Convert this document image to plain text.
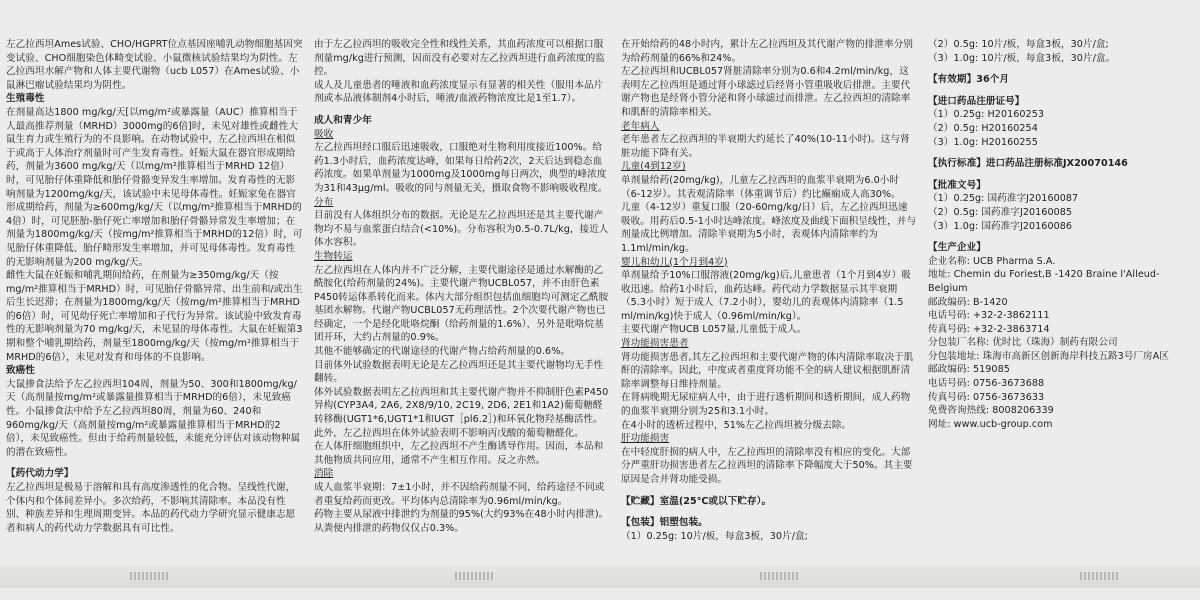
左乙拉西坦Ames试验、CHO/HGPRT位点基因座哺乳动物细胞基因突变试验、CHO细胞染色体畸变试验、小鼠微核试验结果均为阴性。左乙拉西坦水解产物和人体主要代谢物（ucb L057）在Ames试验、小鼠淋巴瘤试验结果均为阴性。
生殖毒性
在剂量高达1800 mg/kg/天[以mg/m²或暴露量（AUC）推算相当于人最高推荐剂量（MRHD）3000mg的6倍]时，未见对雄性或雌性大鼠生育力或生殖行为的不良影响。在动物试验中，左乙拉西坦在相似于或高于人体治疗剂量时可产生发育毒性。妊娠大鼠在器官形成期给药，剂量为3600 mg/kg/天（以mg/m²推算相当于MRHD 12倍）时，可见胎仔体重降低和胎仔骨骼变异发生率增加。发育毒性的无影响剂量为1200mg/kg/天，该试验中未见母体毒性。妊娠家兔在器官形成期给药，剂量为≥600mg/kg/天（以mg/m²推算相当于MRHD的4倍）时，可见胚胎-胎仔死亡率增加和胎仔骨骼异常发生率增加；在剂量为1800mg/kg/天（按mg/m²推算相当于MRHD的12倍）时，可见胎仔体重降低、胎仔畸形发生率增加，并可见母体毒性。发育毒性的无影响剂量为200 mg/kg/天。
雌性大鼠在妊娠和哺乳期间给药，在剂量为≥350mg/kg/天（按mg/m²推算相当于MRHD）时，可见胎仔骨骼异常、出生前和/或出生后生长迟滞；在剂量为1800mg/kg/天（按mg/m²推算相当于MRHD的6倍）时，可见幼仔死亡率增加和子代行为异常。该试验中致发育毒性的无影响剂量为70 mg/kg/天，未见显的母体毒性。大鼠在妊娠第3期和整个哺乳期给药，剂量至1800mg/kg/天（按mg/m²推算相当于MRHD的6倍），未见对发育和母体的不良影响。
致癌性
大鼠掺食法给予左乙拉西坦104周，剂量为50、300和1800mg/kg/天（高剂量按mg/m²或暴露量推算相当于MRHD的6倍），未见致癌性。小鼠掺食法中给予左乙拉西坦80周，剂量为60、240和960mg/kg/天（高剂量按mg/m²或暴露量推算相当于MRHD的2倍），未见致癌性。但由于给药剂量较低，未能充分评估对该动物种属的潜在致癌性。
【药代动力学】
左乙拉西坦是极易于溶解和具有高度渗透性的化合物。呈线性代谢，个体内和个体间差异小。多次给药，不影响其清除率。本品没有性别、种族差异和生理周期变异。本品的药代动力学研究显示健康志愿者和病人的药代动力学数据具有可比性。
由于左乙拉西坦的吸收完全性和线性关系，其血药浓度可以根据口服剂量mg/kg进行预测，因而没有必要对左乙拉西坦进行血药浓度的监控。
成人及儿童患者的唾液和血药浓度显示有显著的相关性（服用本品片剂或本品液体制剂4小时后，唾液/血液药物浓度比是1至1.7）。
成人和青少年
吸收
左乙拉西坦经口服后迅速吸收，口服绝对生物利用度接近100%。给药1.3小时后，血药浓度达峰，如果每日给药2次，2天后达到稳态血药浓度。如果单剂量为1000mg及1000mg每日两次，典型的峰浓度为31和43μg/ml。吸收的同与剂量无关，摄取食物不影响吸收程度。
分布
目前没有人体组织分布的数据。无论是左乙拉西坦还是其主要代谢产物均不易与血浆蛋白结合(<10%)。分布容积为0.5-0.7L/kg，接近人体水容积。
生物转运
左乙拉西坦在人体内并不广泛分解，主要代谢途径是通过水解酶的乙酰胺化(给药剂量的24%)。主要代谢产物UCBL057，并不由肝色素P450转运体系转化而来。体内大部分组织包括血细胞均可测定乙酰胺基团水解物。代谢产物UCBL057无药理活性。2个次要代谢产物也已经确定，一个是经化吡咯烷酮（给药剂量的1.6%），另外是吡咯烷基团开环，大约占剂量的0.9%。
其他不能够确定的代谢途径的代谢产物占给药剂量的0.6%。
目前体外试验数据表明无论是左乙拉西坦还是其主要代谢物均无手性翻转。
体外试验数据表明左乙拉西坦和其主要代谢产物并不抑制肝色素P450异构(CYP3A4, 2A6, 2X8/9/10, 2C19, 2D6, 2E1和1A2)葡萄糖醛转移酶(UGT1*6,UGT1*1和UGT［pl6.2］)和环氧化物羟基酶活性。此外，左乙拉西坦在体外试验表明不影响丙戊酸的葡萄糖醛化。
在人体肝细胞组织中，左乙拉西坦不产生酶诱导作用。因而，本品和其他物质共同应用，通常不产生相互作用。反之亦然。
消除
成人血浆半衰期：7±1小时，并不因给药剂量不同，给药途径不同或者重复给药而更改。平均体内总清除率为0.96ml/min/kg。
药物主要从尿液中排泄约为剂量的95%(大约93%在48小时内排泄)。从粪便内排泄的药物仅仅占0.3%。
在开始给药的48小时内，累计左乙拉西坦及其代谢产物的排泄率分别为给药剂量的66%和24%。
左乙拉西坦和UCBL057肾脏清除率分别为0.6和4.2ml/min/kg，这表明左乙拉西坦是通过肾小球滤过后经肾小管重吸收后排泄。主要代谢产物也是经肾小管分泌和肾小球滤过而排泄。左乙拉西坦的清除率和肌酐的清除率相关。
老年病人
老年患者左乙拉西坦的半衰期大约延长了40%(10-11小时)。这与肾脏功能下降有关。
儿童(4到12岁)
单剂量给药(20mg/kg)，儿童左乙拉西坦的血浆半衰期为6.0小时（6-12岁）。其表观清除率（体重调节后）约比癫痫成人高30%。
儿童（4-12岁）重复口服（20-60mg/kg/日）后，左乙拉西坦迅速吸收。用药后0.5-1小时达峰浓度。峰浓度及曲线下面积呈线性，并与剂量成比例增加。清除半衰期为5小时，表观体内清除率约为1.1ml/min/kg。
婴儿和幼儿(1个月到4岁)
单剂量给予10%口服溶液(20mg/kg)后,儿童患者（1个月到4岁）吸收迅速。给药1小时后，血药达峰。药代动力学数据显示其半衰期（5.3小时）短于成人（7.2小时），婴幼儿的表观体内清除率（1.5 ml/min/kg)快于成人（0.96ml/min/kg）。
主要代谢产物UCB L057量,儿童低于成人。
肾功能损害患者
肾功能损害患者,其左乙拉西坦和主要代谢产物的体内清除率取决于肌酐的清除率。因此，中度或者重度肾功能不全的病人建议根据肌酐清除率调整每日维持剂量。
在肾病晚期无尿症病人中，由于进行透析期间和透析期间，成人药物的血浆半衰期分别为25和3.1小时。
在4小时的透析过程中，51%左乙拉西坦被分级去除。
肝功能损害
在中轻度肝损的病人中，左乙拉西坦的清除率没有相应的变化。大部分严重肝功损害患者左乙拉西坦的清除率下降幅度大于50%。其主要原因是合并肾功能受损。
【贮藏】室温(25℃或以下贮存）。
【包装】铝塑包装。
（1）0.25g: 10片/板，每盒3板，30片/盒;
（2）0.5g: 10片/板，每盒3板，30片/盒;
（3）1.0g: 10片/板，每盒3板，30片/盒。
【有效期】36个月
【进口药品注册证号】
（1）0.25g: H20160253
（2）0.5g: H20160254
（3）1.0g: H20160255
【执行标准】进口药品注册标准JX20070146
【批准文号】
（1）0.25g: 国药准字J20160087
（2）0.5g: 国药准字J20160085
（3）1.0g: 国药准字J20160086
【生产企业】
企业名称: UCB Pharma S.A.
地址: Chemin du Foriest,B -1420 Braine l'Alleud-Belgium
邮政编码: B-1420
电话号码: +32-2-3862111
传真号码: +32-2-3863714
分包装厂名称: 优时比（珠海）制药有限公司
分包装地址: 珠海市高新区创新海岸科技五路3号厂房A区
邮政编码: 519085
电话号码: 0756-3673688
传真号码: 0756-3673633
免费咨询热线: 8008206339
网址: www.ucb-group.com
